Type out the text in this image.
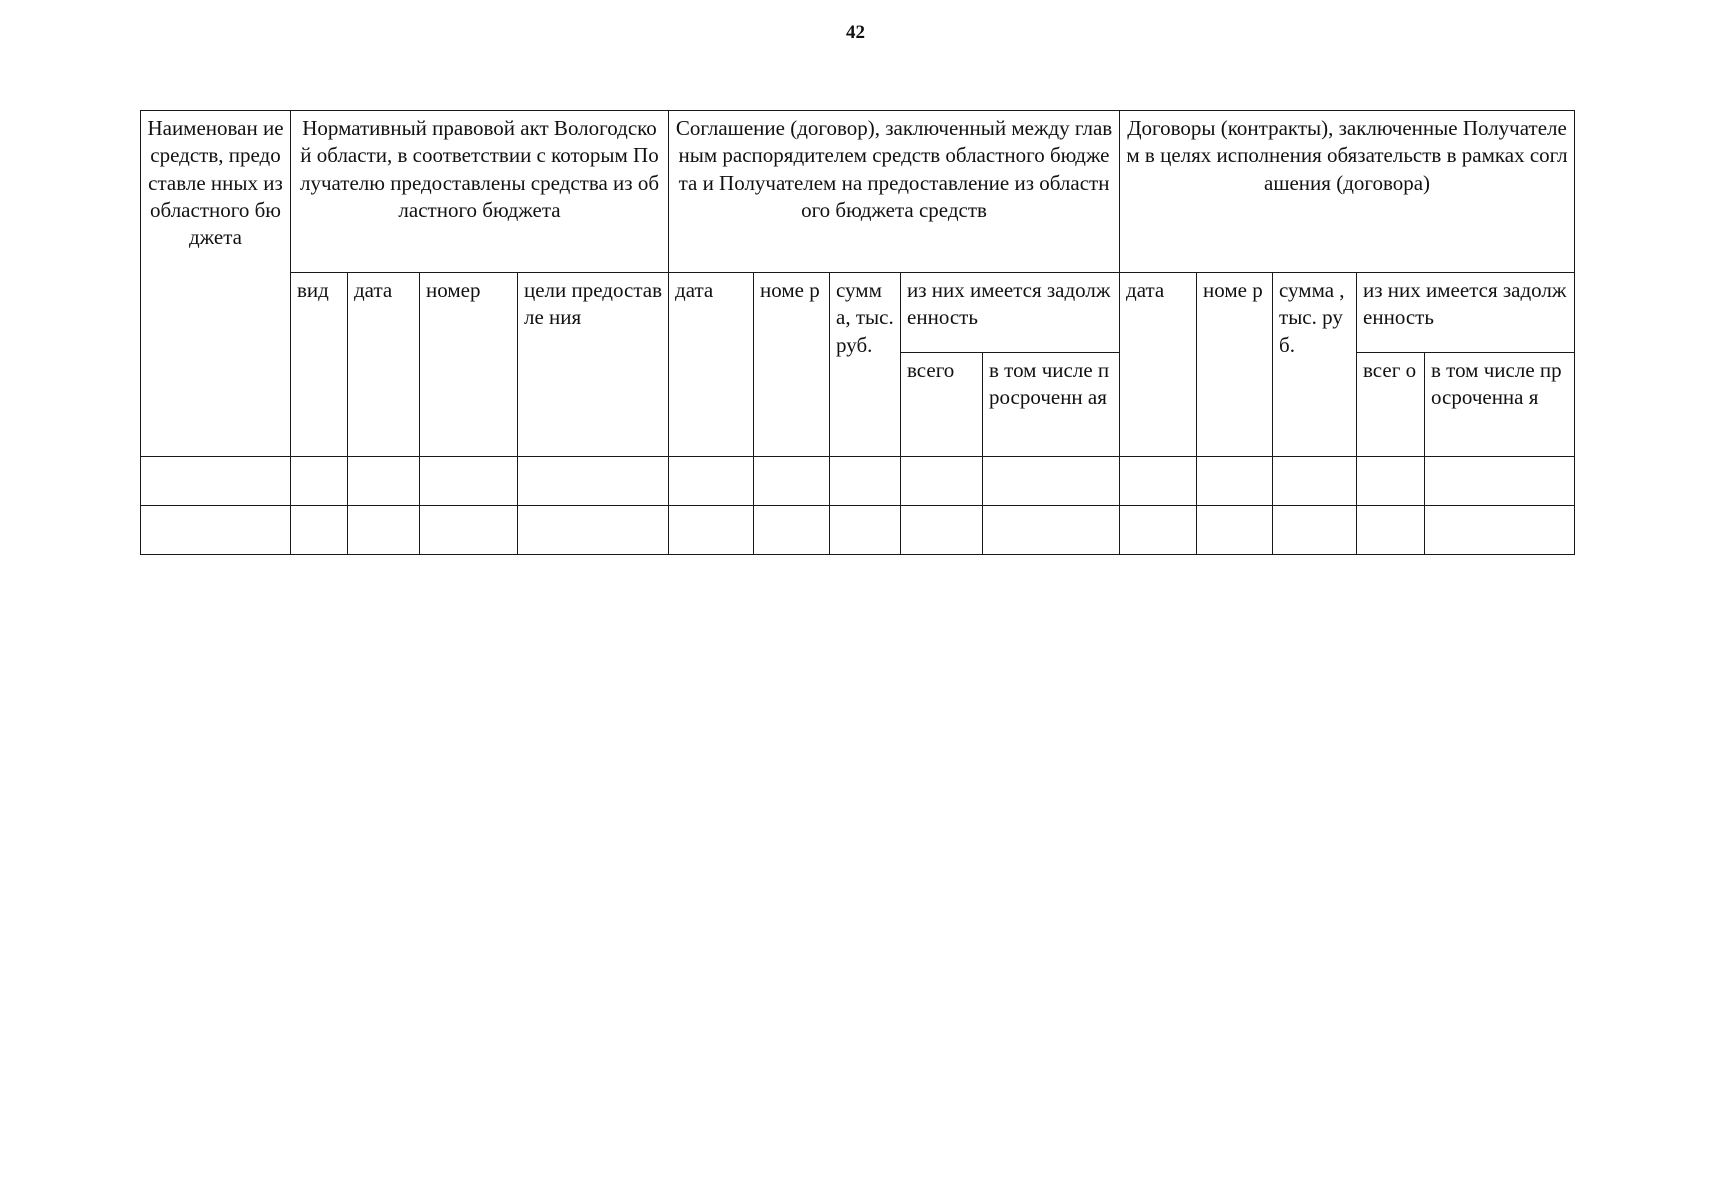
42
Наименован ие средств, предоставле нных из областного бюджета	Нормативный правовой акт Вологодской области, в соответствии с которым Получателю предоставлены средства из областного бюджета				Соглашение (договор), заключенный между главным распорядителем средств областного бюджета и Получателем на предоставление из областного бюджета средств					Договоры (контракты), заключенные Получателем в целях исполнения обязательств в рамках соглашения (договора)				
	вид	дата	номер	цели предоставле ния	дата	номе р	сумм а, тыс. руб.	из них имеется задолженность		дата	номе р	сумма , тыс. руб.	из них имеется задолженность	
								всего	в том числе просроченн ая				всег о	в том числе просроченна я
